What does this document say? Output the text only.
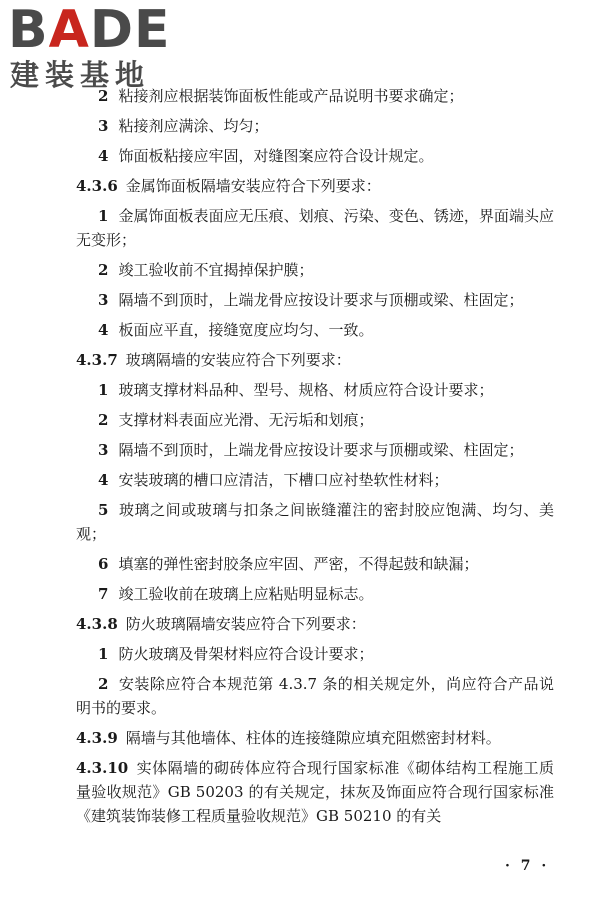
BADE
建装基地
2 粘接剂应根据装饰面板性能或产品说明书要求确定；
3 粘接剂应满涂、均匀；
4 饰面板粘接应牢固，对缝图案应符合设计规定。
4.3.6 金属饰面板隔墙安装应符合下列要求：
1 金属饰面板表面应无压痕、划痕、污染、变色、锈迹，界面端头应无变形；
2 竣工验收前不宜揭掉保护膜；
3 隔墙不到顶时，上端龙骨应按设计要求与顶棚或梁、柱固定；
4 板面应平直，接缝宽度应均匀、一致。
4.3.7 玻璃隔墙的安装应符合下列要求：
1 玻璃支撑材料品种、型号、规格、材质应符合设计要求；
2 支撑材料表面应光滑、无污垢和划痕；
3 隔墙不到顶时，上端龙骨应按设计要求与顶棚或梁、柱固定；
4 安装玻璃的槽口应清洁，下槽口应衬垫软性材料；
5 玻璃之间或玻璃与扣条之间嵌缝灌注的密封胶应饱满、均匀、美观；
6 填塞的弹性密封胶条应牢固、严密，不得起鼓和缺漏；
7 竣工验收前在玻璃上应粘贴明显标志。
4.3.8 防火玻璃隔墙安装应符合下列要求：
1 防火玻璃及骨架材料应符合设计要求；
2 安装除应符合本规范第 4.3.7 条的相关规定外，尚应符合产品说明书的要求。
4.3.9 隔墙与其他墙体、柱体的连接缝隙应填充阻燃密封材料。
4.3.10 实体隔墙的砌砖体应符合现行国家标准《砌体结构工程施工质量验收规范》GB 50203 的有关规定，抹灰及饰面应符合现行国家标准《建筑装饰装修工程质量验收规范》GB 50210 的有关
· 7 ·
